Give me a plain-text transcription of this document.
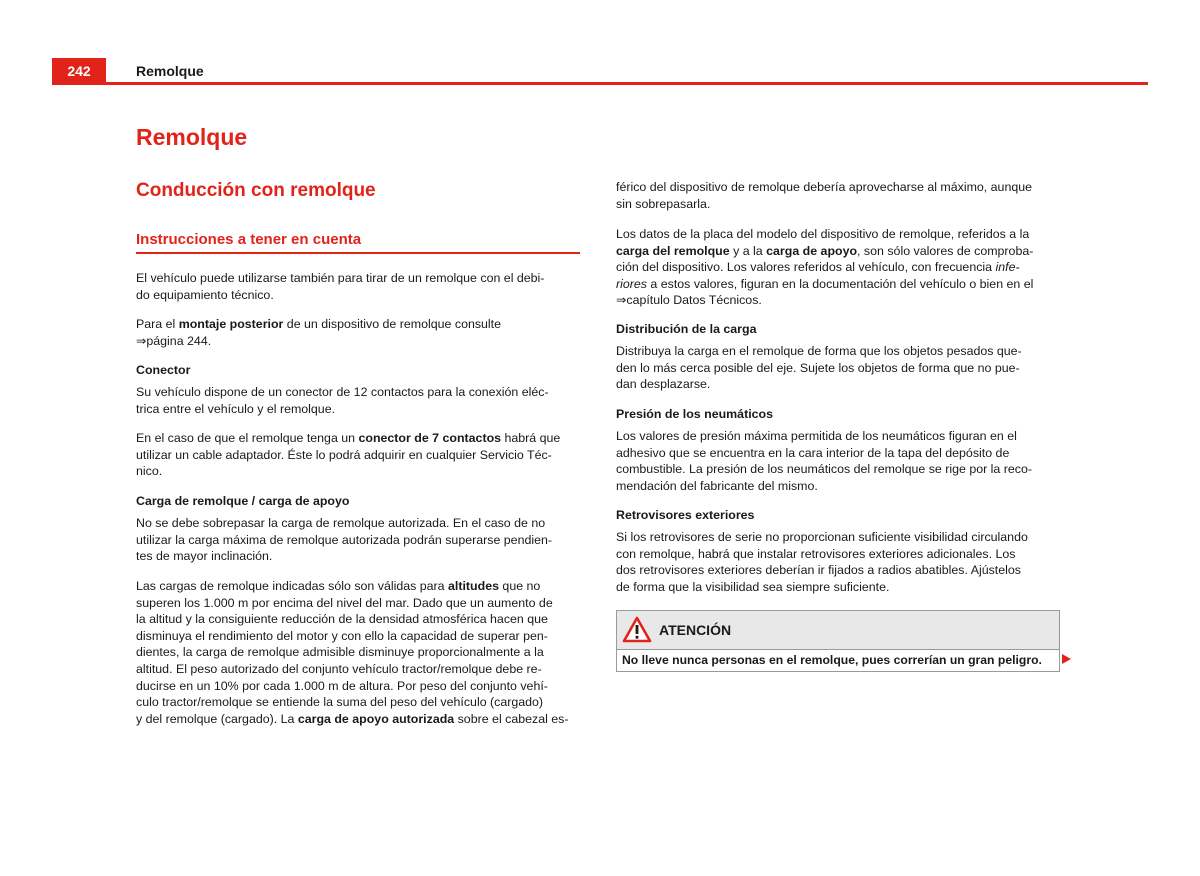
242	Remolque
Remolque
Conducción con remolque
Instrucciones a tener en cuenta

El vehículo puede utilizarse también para tirar de un remolque con el debi-
do equipamiento técnico.

Para el montaje posterior de un dispositivo de remolque consulte
⇒página 244.

Conector

Su vehículo dispone de un conector de 12 contactos para la conexión eléc-
trica entre el vehículo y el remolque.

En el caso de que el remolque tenga un conector de 7 contactos habrá que
utilizar un cable adaptador. Éste lo podrá adquirir en cualquier Servicio Téc-
nico.

Carga de remolque / carga de apoyo

No se debe sobrepasar la carga de remolque autorizada. En el caso de no
utilizar la carga máxima de remolque autorizada podrán superarse pendien-
tes de mayor inclinación.

Las cargas de remolque indicadas sólo son válidas para altitudes que no
superen los 1.000 m por encima del nivel del mar. Dado que un aumento de
la altitud y la consiguiente reducción de la densidad atmosférica hacen que
disminuya el rendimiento del motor y con ello la capacidad de superar pen-
dientes, la carga de remolque admisible disminuye proporcionalmente a la
altitud. El peso autorizado del conjunto vehículo tractor/remolque debe re-
ducirse en un 10% por cada 1.000 m de altura. Por peso del conjunto vehí-
culo tractor/remolque se entiende la suma del peso del vehículo (cargado)
y del remolque (cargado). La carga de apoyo autorizada sobre el cabezal es-

férico del dispositivo de remolque debería aprovecharse al máximo, aunque
sin sobrepasarla.

Los datos de la placa del modelo del dispositivo de remolque, referidos a la
carga del remolque y a la carga de apoyo, son sólo valores de comproba-
ción del dispositivo. Los valores referidos al vehículo, con frecuencia infe-
riores a estos valores, figuran en la documentación del vehículo o bien en el
⇒capítulo Datos Técnicos.

Distribución de la carga

Distribuya la carga en el remolque de forma que los objetos pesados que-
den lo más cerca posible del eje. Sujete los objetos de forma que no pue-
dan desplazarse.

Presión de los neumáticos

Los valores de presión máxima permitida de los neumáticos figuran en el
adhesivo que se encuentra en la cara interior de la tapa del depósito de
combustible. La presión de los neumáticos del remolque se rige por la reco-
mendación del fabricante del mismo.

Retrovisores exteriores

Si los retrovisores de serie no proporcionan suficiente visibilidad circulando
con remolque, habrá que instalar retrovisores exteriores adicionales. Los
dos retrovisores exteriores deberían ir fijados a radios abatibles. Ajústelos
de forma que la visibilidad sea siempre suficiente.

ATENCIÓN
No lleve nunca personas en el remolque, pues correrían un gran peligro.
